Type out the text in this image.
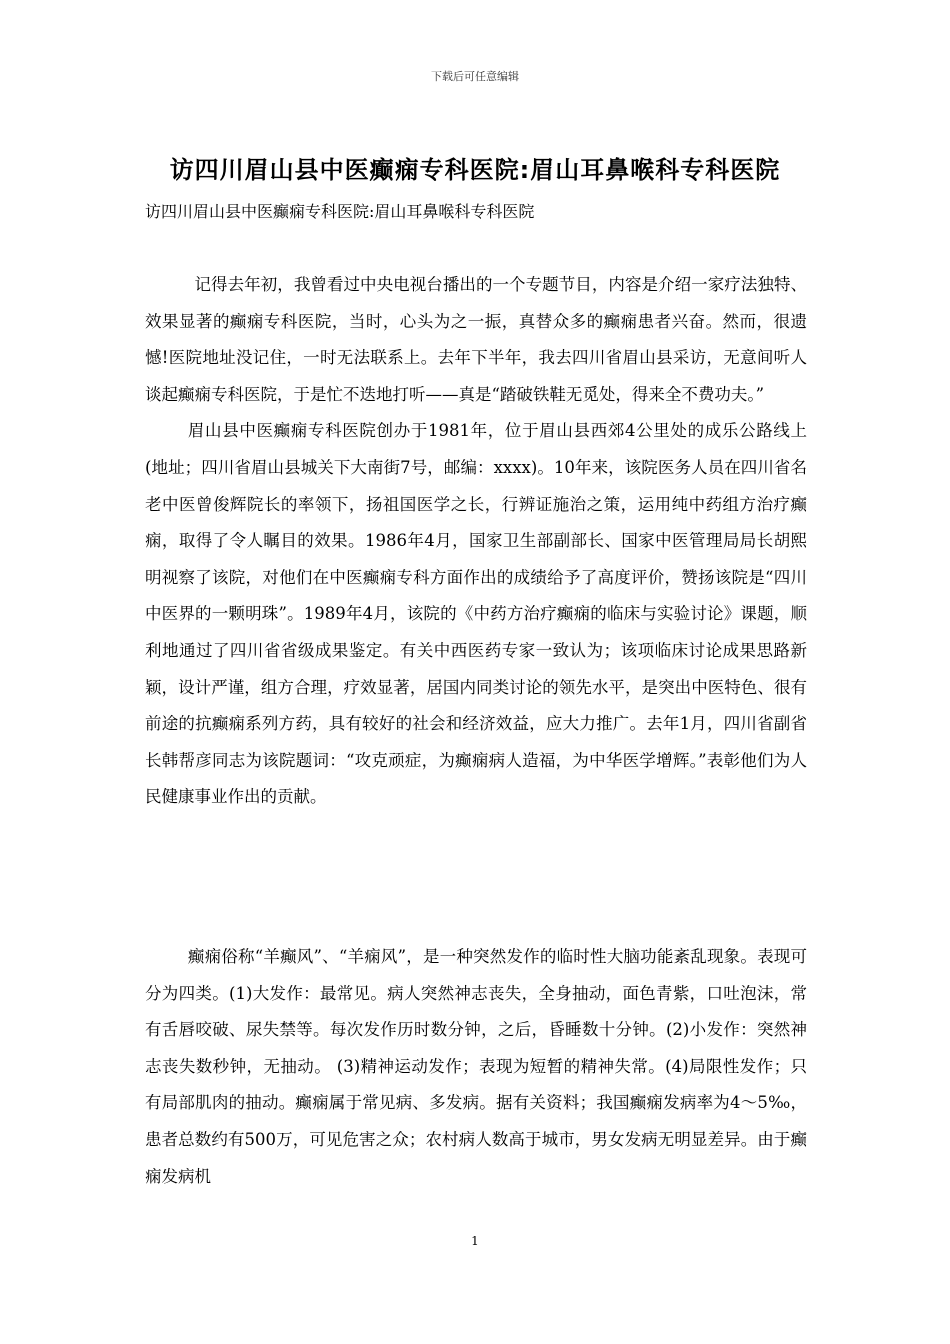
下载后可任意编辑
访四川眉山县中医癫痫专科医院:眉山耳鼻喉科专科医院
访四川眉山县中医癫痫专科医院:眉山耳鼻喉科专科医院

记得去年初，我曾看过中央电视台播出的一个专题节目，内容是介绍一家疗法独特、效果显著的癫痫专科医院，当时，心头为之一振，真替众多的癫痫患者兴奋。然而，很遗憾!医院地址没记住，一时无法联系上。去年下半年，我去四川省眉山县采访，无意间听人谈起癫痫专科医院，于是忙不迭地打听——真是“踏破铁鞋无觅处，得来全不费功夫。”

眉山县中医癫痫专科医院创办于1981年，位于眉山县西郊4公里处的成乐公路线上(地址；四川省眉山县城关下大南街7号，邮编：xxxx)。10年来，该院医务人员在四川省名老中医曾俊辉院长的率领下，扬祖国医学之长，行辨证施治之策，运用纯中药组方治疗癫痫，取得了令人瞩目的效果。1986年4月，国家卫生部副部长、国家中医管理局局长胡熙明视察了该院，对他们在中医癫痫专科方面作出的成绩给予了高度评价，赞扬该院是“四川中医界的一颗明珠”。1989年4月，该院的《中药方治疗癫痫的临床与实验讨论》课题，顺利地通过了四川省省级成果鉴定。有关中西医药专家一致认为；该项临床讨论成果思路新颖，设计严谨，组方合理，疗效显著，居国内同类讨论的领先水平，是突出中医特色、很有前途的抗癫痫系列方药，具有较好的社会和经济效益，应大力推广。去年1月，四川省副省长韩帮彦同志为该院题词：“攻克顽症，为癫痫病人造福，为中华医学增辉。”表彰他们为人民健康事业作出的贡献。

癫痫俗称“羊癫风”、“羊痫风”，是一种突然发作的临时性大脑功能紊乱现象。表现可分为四类。(1)大发作：最常见。病人突然神志丧失，全身抽动，面色青紫，口吐泡沫，常有舌唇咬破、尿失禁等。每次发作历时数分钟，之后，昏睡数十分钟。(2)小发作：突然神志丧失数秒钟，无抽动。 (3)精神运动发作；表现为短暂的精神失常。(4)局限性发作；只有局部肌肉的抽动。癫痫属于常见病、多发病。据有关资料；我国癫痫发病率为4～5‰，患者总数约有500万，可见危害之众；农村病人数高于城市，男女发病无明显差异。由于癫痫发病机

1
